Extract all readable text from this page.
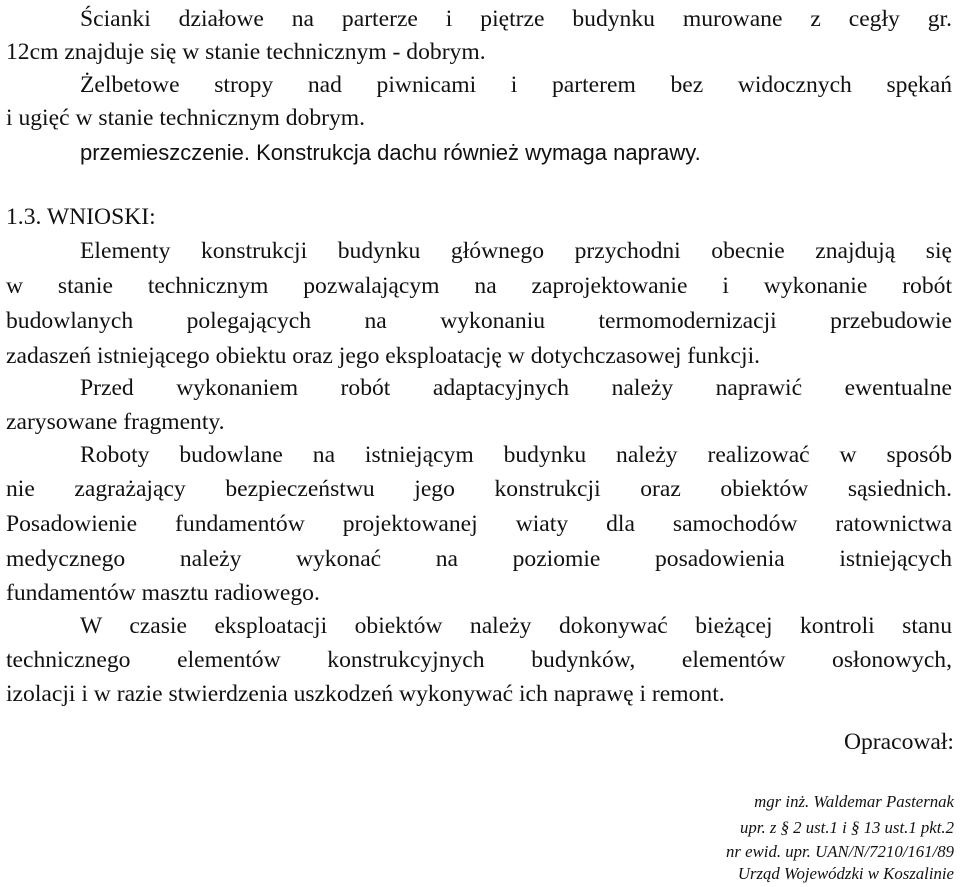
Ścianki działowe na parterze i piętrze budynku murowane z cegły gr.
12cm znajduje się w stanie technicznym - dobrym.
Żelbetowe stropy nad piwnicami i parterem bez widocznych spękań
i ugięć w stanie technicznym dobrym.
przemieszczenie. Konstrukcja dachu również wymaga naprawy.
1.3. WNIOSKI:
Elementy konstrukcji budynku głównego przychodni obecnie znajdują się
w stanie technicznym pozwalającym na zaprojektowanie i wykonanie robót
budowlanych polegających na wykonaniu termomodernizacji przebudowie
zadaszeń istniejącego obiektu oraz jego eksploatację w dotychczasowej funkcji.
Przed wykonaniem robót adaptacyjnych należy naprawić ewentualne
zarysowane fragmenty.
Roboty budowlane na istniejącym budynku należy realizować w sposób
nie zagrażający bezpieczeństwu jego konstrukcji oraz obiektów sąsiednich.
Posadowienie fundamentów projektowanej wiaty dla samochodów ratownictwa
medycznego należy wykonać na poziomie posadowienia istniejących
fundamentów masztu radiowego.
W czasie eksploatacji obiektów należy dokonywać bieżącej kontroli stanu
technicznego elementów konstrukcyjnych budynków, elementów osłonowych,
izolacji i w razie stwierdzenia uszkodzeń wykonywać ich naprawę i remont.
Opracował:
mgr inż. Waldemar Pasternak
upr. z § 2 ust.1 i § 13 ust.1 pkt.2
nr ewid. upr. UAN/N/7210/161/89
Urząd Wojewódzki w Koszalinie
